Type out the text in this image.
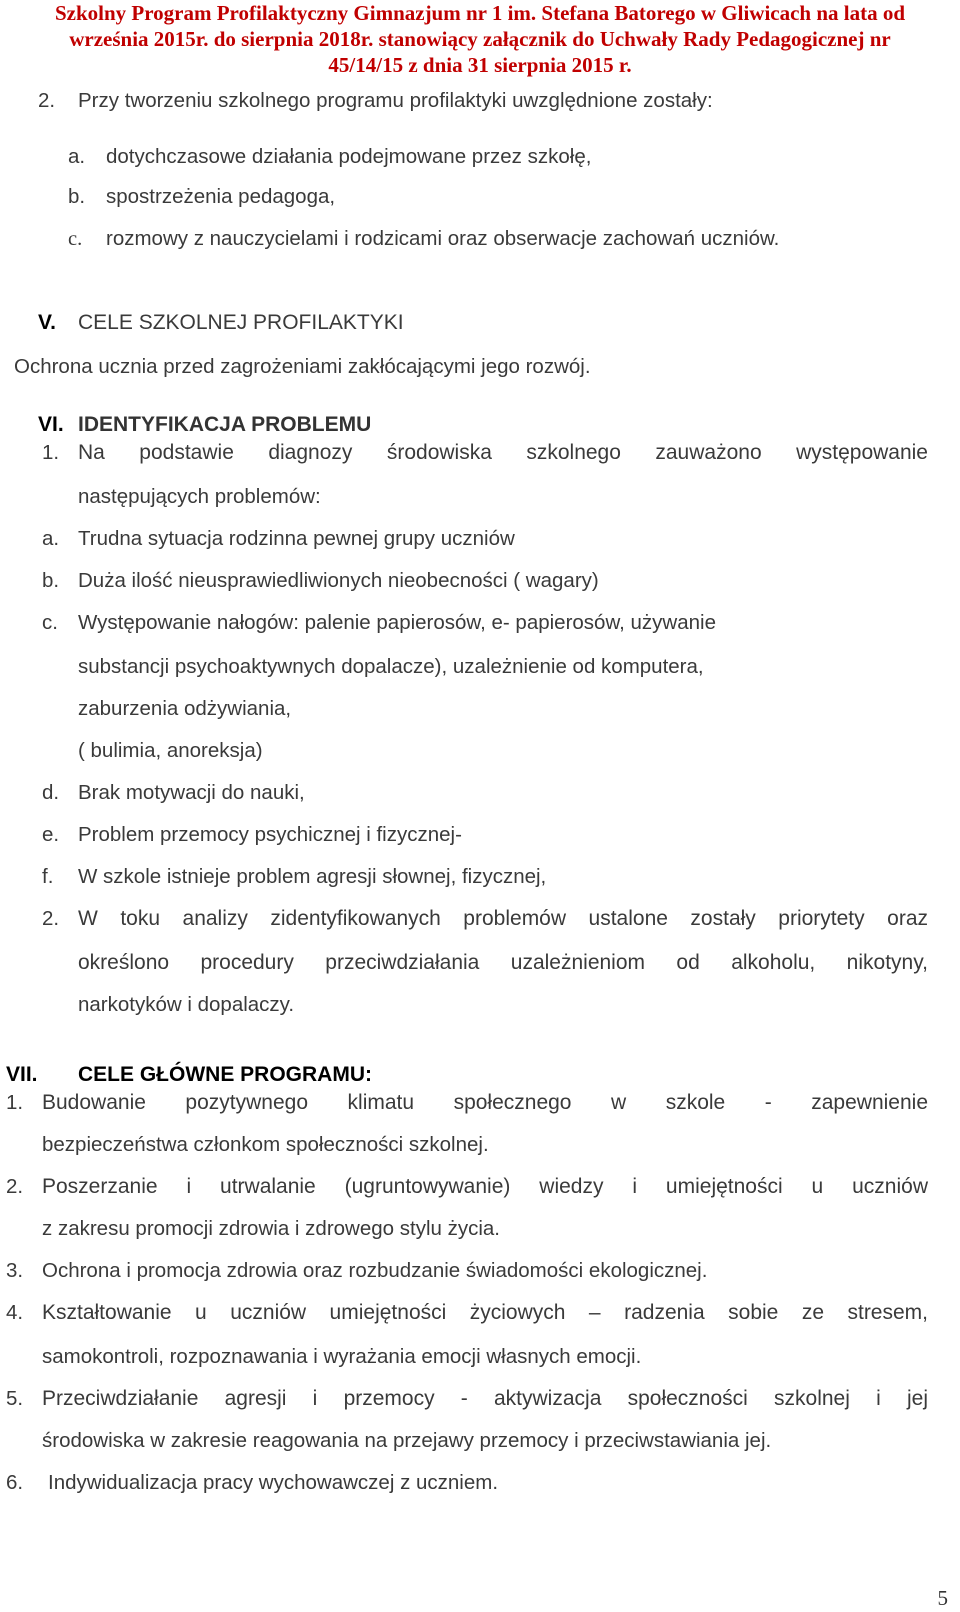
Szkolny Program Profilaktyczny Gimnazjum nr 1 im. Stefana Batorego w Gliwicach na lata od
września 2015r. do sierpnia 2018r. stanowiący załącznik do Uchwały Rady Pedagogicznej nr
45/14/15 z dnia 31 sierpnia 2015 r.
2. Przy tworzeniu szkolnego programu profilaktyki uwzględnione zostały:
a. dotychczasowe działania podejmowane przez szkołę,
b. spostrzeżenia pedagoga,
c. rozmowy z nauczycielami i rodzicami oraz obserwacje zachowań uczniów.
V. CELE SZKOLNEJ PROFILAKTYKI
Ochrona ucznia przed zagrożeniami zakłócającymi jego rozwój.
VI. IDENTYFIKACJA PROBLEMU
1. Na podstawie diagnozy środowiska szkolnego zauważono występowanie
następujących problemów:
a. Trudna sytuacja rodzinna pewnej grupy uczniów
b. Duża ilość nieusprawiedliwionych nieobecności ( wagary)
c. Występowanie nałogów: palenie papierosów, e- papierosów, używanie
substancji psychoaktywnych dopalacze), uzależnienie od komputera,
zaburzenia odżywiania,
( bulimia, anoreksja)
d. Brak motywacji do nauki,
e. Problem przemocy psychicznej i fizycznej-
f. W szkole istnieje problem agresji słownej, fizycznej,
2. W toku analizy zidentyfikowanych problemów ustalone zostały priorytety oraz
określono procedury przeciwdziałania uzależnieniom od alkoholu, nikotyny,
narkotyków i dopalaczy.
VII. CELE GŁÓWNE PROGRAMU:
1. Budowanie pozytywnego klimatu społecznego w szkole - zapewnienie
bezpieczeństwa członkom społeczności szkolnej.
2. Poszerzanie i utrwalanie (ugruntowywanie) wiedzy i umiejętności u uczniów
z zakresu promocji zdrowia i zdrowego stylu życia.
3. Ochrona i promocja zdrowia oraz rozbudzanie świadomości ekologicznej.
4. Kształtowanie u uczniów umiejętności życiowych – radzenia sobie ze stresem,
samokontroli, rozpoznawania i wyrażania emocji własnych emocji.
5. Przeciwdziałanie agresji i przemocy - aktywizacja społeczności szkolnej i jej
środowiska w zakresie reagowania na przejawy przemocy i przeciwstawiania jej.
6. Indywidualizacja pracy wychowawczej z uczniem.
5
